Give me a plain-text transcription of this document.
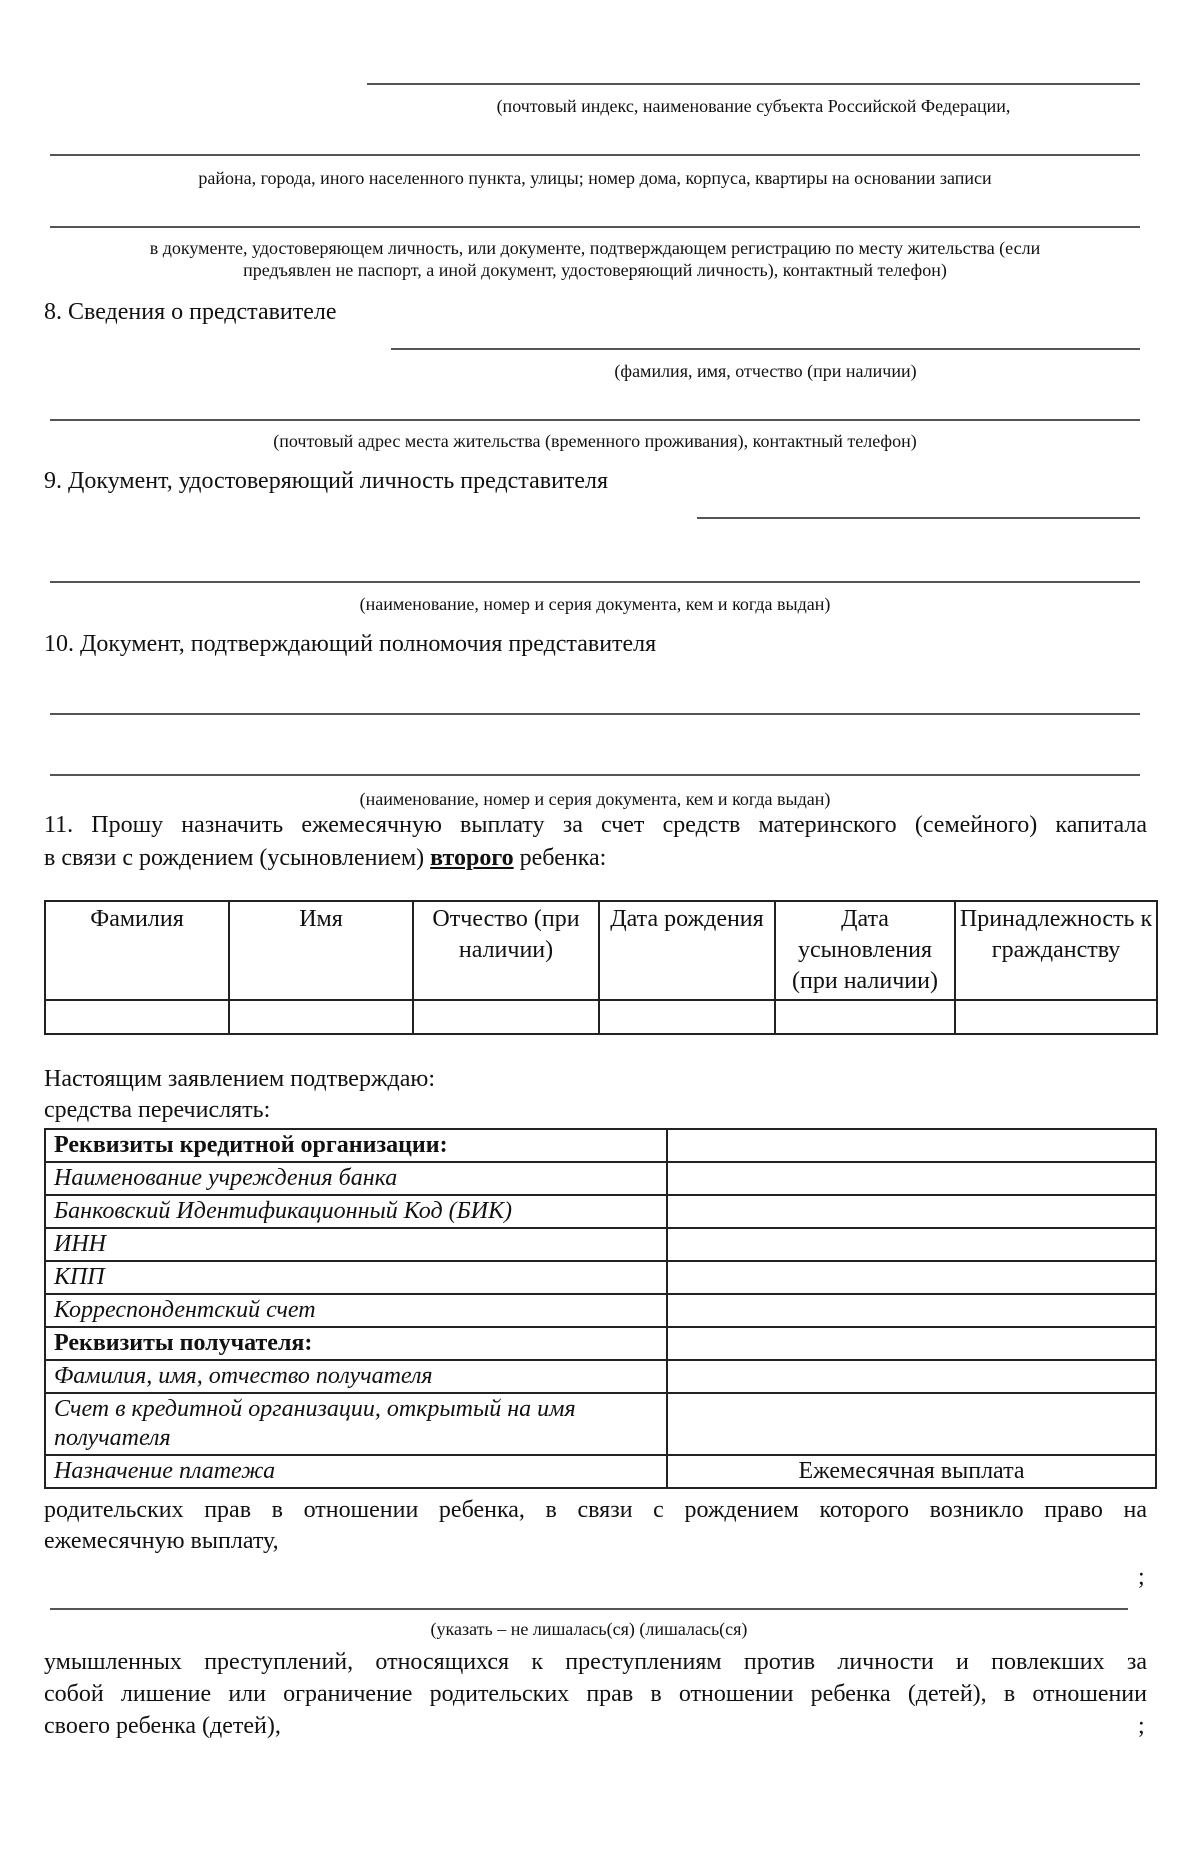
(почтовый индекс, наименование субъекта Российской Федерации,
района, города, иного населенного пункта, улицы; номер дома, корпуса, квартиры на основании записи
в документе, удостоверяющем личность, или документе, подтверждающем регистрацию по месту жительства (если
предъявлен не паспорт, а иной документ, удостоверяющий личность), контактный телефон)
8. Сведения о представителе
(фамилия, имя, отчество (при наличии)
(почтовый адрес места жительства (временного проживания), контактный телефон)
9. Документ, удостоверяющий личность представителя
(наименование, номер и серия документа, кем и когда выдан)
10. Документ, подтверждающий полномочия представителя
(наименование, номер и серия документа, кем и когда выдан)
11. Прошу назначить ежемесячную выплату за счет средств материнского (семейного) капитала
в связи с рождением (усыновлением) второго ребенка:
Фамилия	Имя	Отчество (при наличии)	Дата рождения	Дата усыновления (при наличии)	Принадлежность к гражданству

Настоящим заявлением подтверждаю:
средства перечислять:
Реквизиты кредитной организации:	
Наименование учреждения банка	
Банковский Идентификационный Код (БИК)	
ИНН	
КПП	
Корреспондентский счет	
Реквизиты получателя:	
Фамилия, имя, отчество получателя	
Счет в кредитной организации, открытый на имя получателя	
Назначение платежа	Ежемесячная выплата
родительских прав в отношении ребенка, в связи с рождением которого возникло право на
ежемесячную выплату,
;
(указать – не лишалась(ся) (лишалась(ся)
умышленных преступлений, относящихся к преступлениям против личности и повлекших за
собой лишение или ограничение родительских прав в отношении ребенка (детей), в отношении
своего ребенка (детей),	;
